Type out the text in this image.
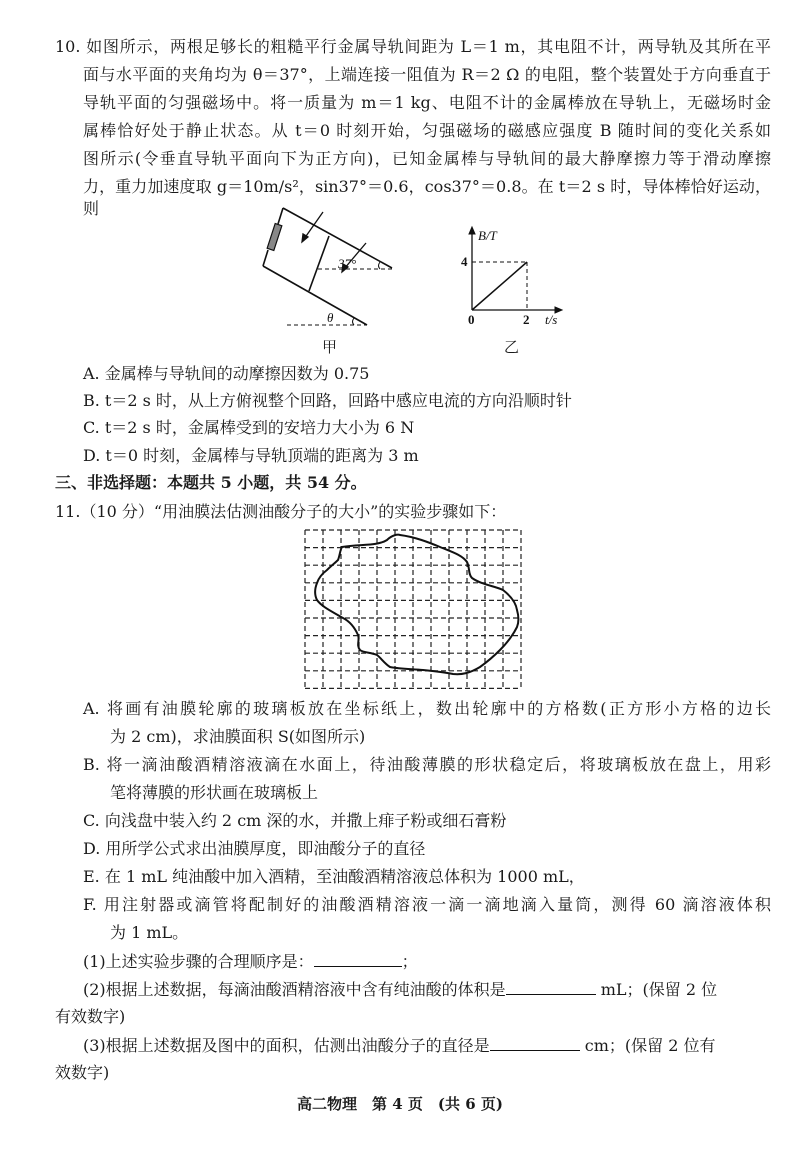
10. 如图所示，两根足够长的粗糙平行金属导轨间距为 L＝1 m，其电阻不计，两导轨及其所在平
面与水平面的夹角均为 θ＝37°，上端连接一阻值为 R＝2 Ω 的电阻，整个装置处于方向垂直于
导轨平面的匀强磁场中。将一质量为 m＝1 kg、电阻不计的金属棒放在导轨上，无磁场时金
属棒恰好处于静止状态。从 t＝0 时刻开始，匀强磁场的磁感应强度 B 随时间的变化关系如
图所示(令垂直导轨平面向下为正方向)，已知金属棒与导轨间的最大静摩擦力等于滑动摩擦
力，重力加速度取 g＝10m/s²，sin37°＝0.6，cos37°＝0.8。在 t＝2 s 时，导体棒恰好运动，则
37°
θ
B/T
4
0	2 t/s
甲	乙
A. 金属棒与导轨间的动摩擦因数为 0.75
B. t＝2 s 时，从上方俯视整个回路，回路中感应电流的方向沿顺时针
C. t＝2 s 时，金属棒受到的安培力大小为 6 N
D. t＝0 时刻，金属棒与导轨顶端的距离为 3 m
三、非选择题：本题共 5 小题，共 54 分。
11.（10 分）“用油膜法估测油酸分子的大小”的实验步骤如下：
A. 将画有油膜轮廓的玻璃板放在坐标纸上，数出轮廓中的方格数(正方形小方格的边长
为 2 cm)，求油膜面积 S(如图所示)
B. 将一滴油酸酒精溶液滴在水面上，待油酸薄膜的形状稳定后，将玻璃板放在盘上，用彩
笔将薄膜的形状画在玻璃板上
C. 向浅盘中装入约 2 cm 深的水，并撒上痱子粉或细石膏粉
D. 用所学公式求出油膜厚度，即油酸分子的直径
E. 在 1 mL 纯油酸中加入酒精，至油酸酒精溶液总体积为 1000 mL，
F. 用注射器或滴管将配制好的油酸酒精溶液一滴一滴地滴入量筒，测得 60 滴溶液体积
为 1 mL。
(1)上述实验步骤的合理顺序是：	；
(2)根据上述数据，每滴油酸酒精溶液中含有纯油酸的体积是	mL；(保留 2 位
有效数字)
(3)根据上述数据及图中的面积，估测出油酸分子的直径是	cm；(保留 2 位有
效数字)
高二物理　第 4 页　(共 6 页)
